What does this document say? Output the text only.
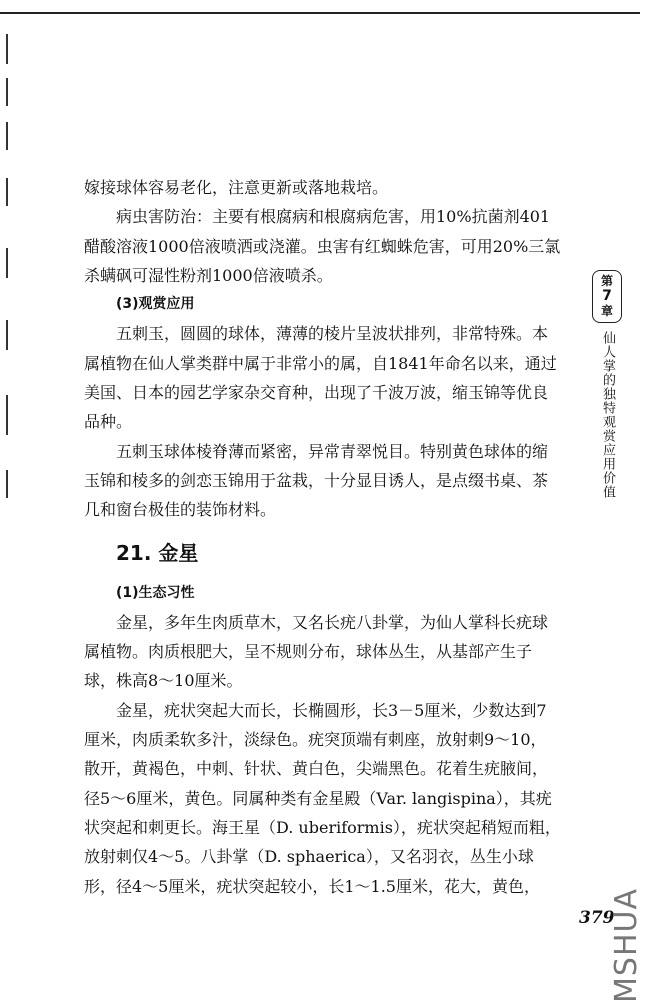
嫁接球体容易老化，注意更新或落地栽培。

病虫害防治：主要有根腐病和根腐病危害，用10%抗菌剂401醋酸溶液1000倍液喷洒或浇灌。虫害有红蜘蛛危害，可用20%三氯杀螨砜可湿性粉剂1000倍液喷杀。

(3)观赏应用

五刺玉，圆圆的球体，薄薄的棱片呈波状排列，非常特殊。本属植物在仙人掌类群中属于非常小的属，自1841年命名以来，通过美国、日本的园艺学家杂交育种，出现了千波万波，缩玉锦等优良品种。

五刺玉球体棱脊薄而紧密，异常青翠悦目。特别黄色球体的缩玉锦和棱多的剑恋玉锦用于盆栽，十分显目诱人，是点缀书桌、茶几和窗台极佳的装饰材料。

21. 金星

(1)生态习性

金星，多年生肉质草木，又名长疣八卦掌，为仙人掌科长疣球属植物。肉质根肥大，呈不规则分布，球体丛生，从基部产生子球，株高8～10厘米。

金星，疣状突起大而长，长椭圆形，长3－5厘米，少数达到7厘米，肉质柔软多汁，淡绿色。疣突顶端有刺座，放射刺9～10，散开，黄褐色，中刺、针状、黄白色，尖端黑色。花着生疣腋间，径5～6厘米，黄色。同属种类有金星殿（Var. langispina），其疣状突起和刺更长。海王星（D. uberiformis），疣状突起稍短而粗，放射刺仅4～5。八卦掌（D. sphaerica），又名羽衣，丛生小球形，径4～5厘米，疣状突起较小，长1～1.5厘米，花大，黄色，

第
7
章
仙人掌的独特观赏应用价值
379
MSHUA
